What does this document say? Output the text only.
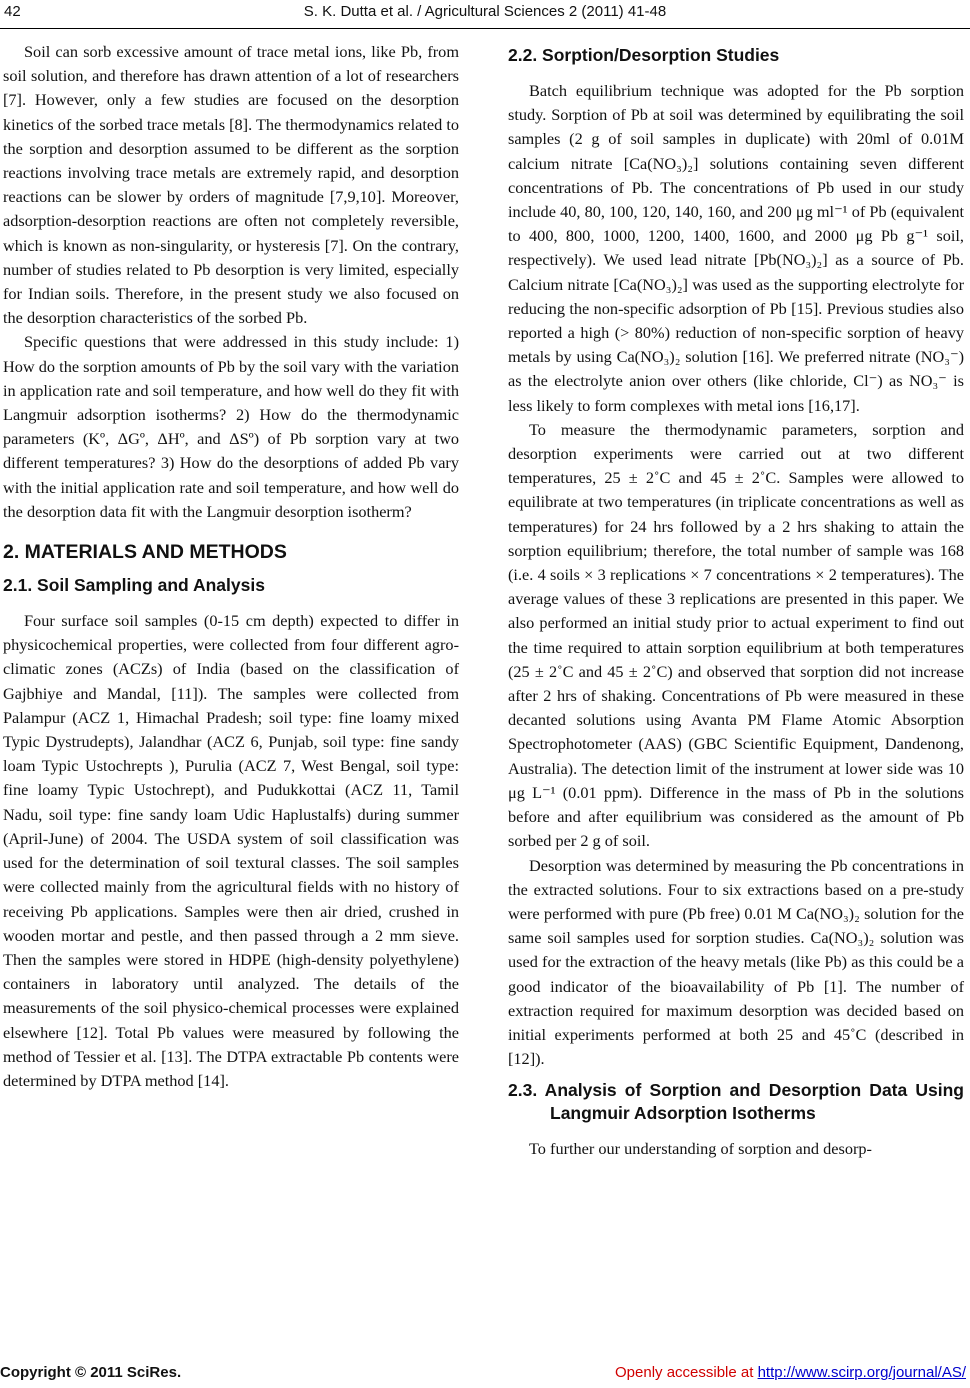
42	S. K. Dutta et al. / Agricultural Sciences 2 (2011) 41-48

Soil can sorb excessive amount of trace metal ions, like Pb, from soil solution, and therefore has drawn attention of a lot of researchers [7]. However, only a few studies are focused on the desorption kinetics of the sorbed trace metals [8]. The thermodynamics related to the sorption and desorption assumed to be different as the sorption reactions involving trace metals are extremely rapid, and desorption reactions can be slower by orders of magnitude [7,9,10]. Moreover, adsorption-desorption reactions are often not completely reversible, which is known as non-singularity, or hysteresis [7]. On the contrary, number of studies related to Pb desorption is very limited, especially for Indian soils. Therefore, in the present study we also focused on the desorption characteristics of the sorbed Pb.

Specific questions that were addressed in this study include: 1) How do the sorption amounts of Pb by the soil vary with the variation in application rate and soil temperature, and how well do they fit with Langmuir adsorption isotherms? 2) How do the thermodynamic parameters (Kº, ΔGº, ΔHº, and ΔSº) of Pb sorption vary at two different temperatures? 3) How do the desorptions of added Pb vary with the initial application rate and soil temperature, and how well do the desorption data fit with the Langmuir desorption isotherm?

2. MATERIALS AND METHODS
2.1. Soil Sampling and Analysis

Four surface soil samples (0-15 cm depth) expected to differ in physicochemical properties, were collected from four different agro-climatic zones (ACZs) of India (based on the classification of Gajbhiye and Mandal, [11]). The samples were collected from Palampur (ACZ 1, Himachal Pradesh; soil type: fine loamy mixed Typic Dystrudepts), Jalandhar (ACZ 6, Punjab, soil type: fine sandy loam Typic Ustochrepts ), Purulia (ACZ 7, West Bengal, soil type: fine loamy Typic Ustochrept), and Pudukkottai (ACZ 11, Tamil Nadu, soil type: fine sandy loam Udic Haplustalfs) during summer (April-June) of 2004. The USDA system of soil classification was used for the determination of soil textural classes. The soil samples were collected mainly from the agricultural fields with no history of receiving Pb applications. Samples were then air dried, crushed in wooden mortar and pestle, and then passed through a 2 mm sieve. Then the samples were stored in HDPE (high-density polyethylene) containers in laboratory until analyzed. The details of the measurements of the soil physico-chemical processes were explained elsewhere [12]. Total Pb values were measured by following the method of Tessier et al. [13]. The DTPA extractable Pb contents were determined by DTPA method [14].

2.2. Sorption/Desorption Studies

Batch equilibrium technique was adopted for the Pb sorption study. Sorption of Pb at soil was determined by equilibrating the soil samples (2 g of soil samples in duplicate) with 20ml of 0.01M calcium nitrate [Ca(NO₃)₂] solutions containing seven different concentrations of Pb. The concentrations of Pb used in our study include 40, 80, 100, 120, 140, 160, and 200 μg ml⁻¹ of Pb (equivalent to 400, 800, 1000, 1200, 1400, 1600, and 2000 μg Pb g⁻¹ soil, respectively). We used lead nitrate [Pb(NO₃)₂] as a source of Pb. Calcium nitrate [Ca(NO₃)₂] was used as the supporting electrolyte for reducing the non-specific adsorption of Pb [15]. Previous studies also reported a high (> 80%) reduction of non-specific sorption of heavy metals by using Ca(NO₃)₂ solution [16]. We preferred nitrate (NO₃⁻) as the electrolyte anion over others (like chloride, Cl⁻) as NO₃⁻ is less likely to form complexes with metal ions [16,17].

To measure the thermodynamic parameters, sorption and desorption experiments were carried out at two different temperatures, 25 ± 2˚C and 45 ± 2˚C. Samples were allowed to equilibrate at two temperatures (in triplicate concentrations as well as temperatures) for 24 hrs followed by a 2 hrs shaking to attain the sorption equilibrium; therefore, the total number of sample was 168 (i.e. 4 soils × 3 replications × 7 concentrations × 2 temperatures). The average values of these 3 replications are presented in this paper. We also performed an initial study prior to actual experiment to find out the time required to attain sorption equilibrium at both temperatures (25 ± 2˚C and 45 ± 2˚C) and observed that sorption did not increase after 2 hrs of shaking. Concentrations of Pb were measured in these decanted solutions using Avanta PM Flame Atomic Absorption Spectrophotometer (AAS) (GBC Scientific Equipment, Dandenong, Australia). The detection limit of the instrument at lower side was 10 μg L⁻¹ (0.01 ppm). Difference in the mass of Pb in the solutions before and after equilibrium was considered as the amount of Pb sorbed per 2 g of soil.

Desorption was determined by measuring the Pb concentrations in the extracted solutions. Four to six extractions based on a pre-study were performed with pure (Pb free) 0.01 M Ca(NO₃)₂ solution for the same soil samples used for sorption studies. Ca(NO₃)₂ solution was used for the extraction of the heavy metals (like Pb) as this could be a good indicator of the bioavailability of Pb [1]. The number of extraction required for maximum desorption was decided based on initial experiments performed at both 25 and 45˚C (described in [12]).

2.3. Analysis of Sorption and Desorption Data Using Langmuir Adsorption Isotherms

To further our understanding of sorption and desorp-

Copyright © 2011 SciRes.	Openly accessible at http://www.scirp.org/journal/AS/
